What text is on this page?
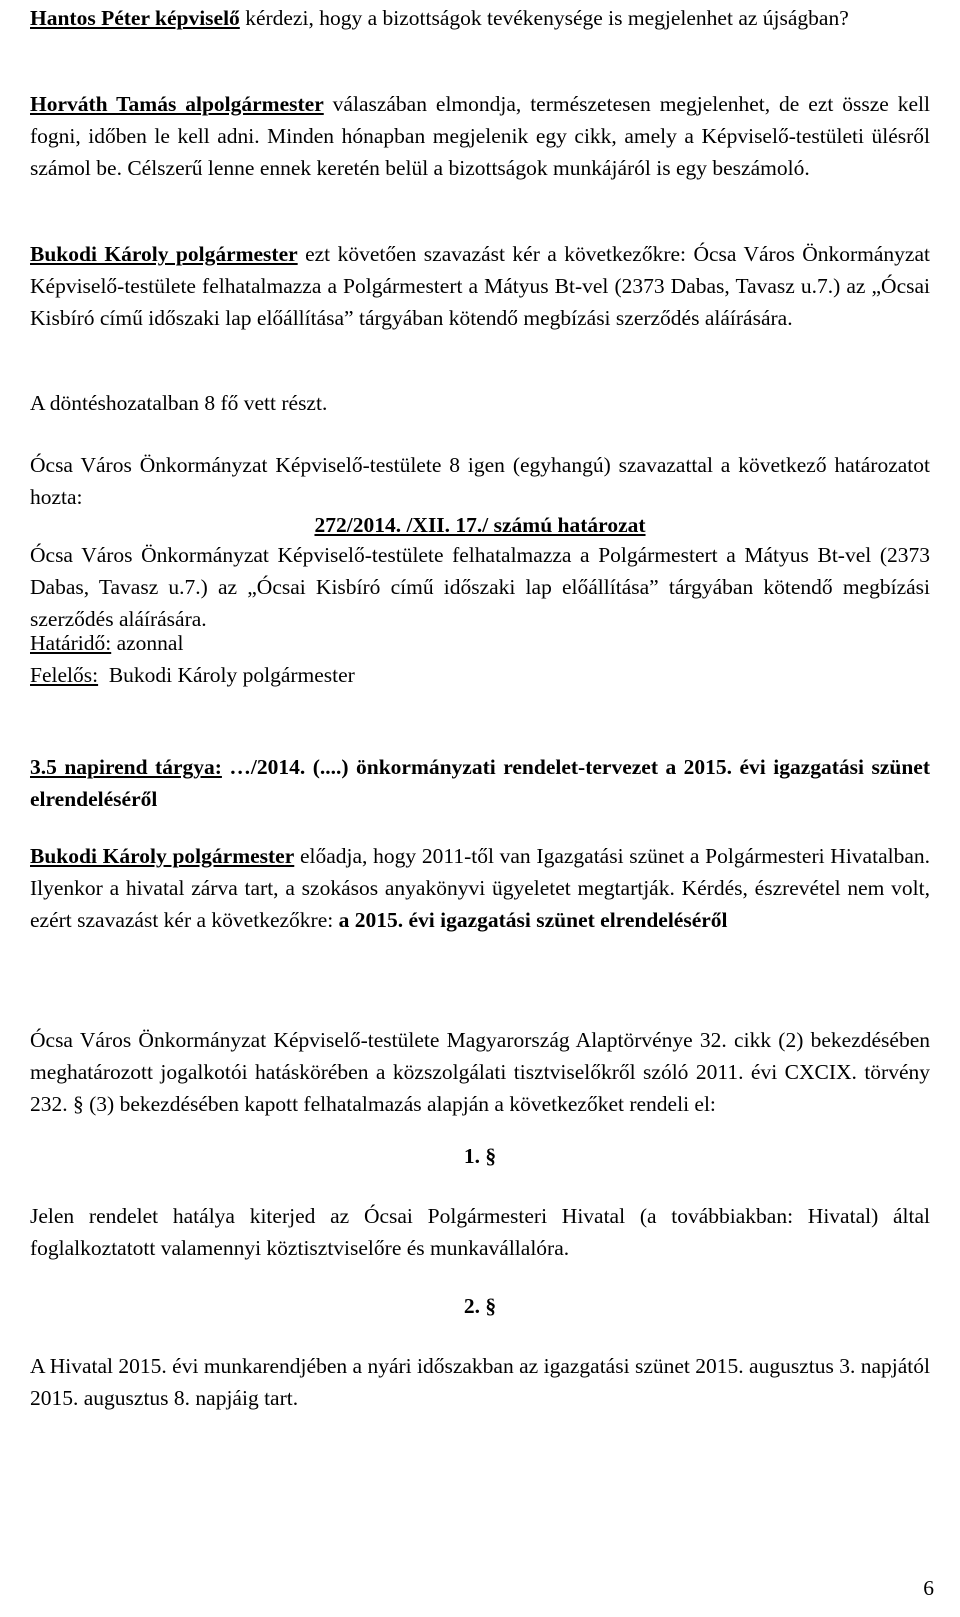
Hantos Péter képviselő kérdezi, hogy a bizottságok tevékenysége is megjelenhet az újságban?

Horváth Tamás alpolgármester válaszában elmondja, természetesen megjelenhet, de ezt össze kell fogni, időben le kell adni. Minden hónapban megjelenik egy cikk, amely a Képviselő-testületi ülésről számol be. Célszerű lenne ennek keretén belül a bizottságok munkájáról is egy beszámoló.

Bukodi Károly polgármester ezt követően szavazást kér a következőkre: Ócsa Város Önkormányzat Képviselő-testülete felhatalmazza a Polgármestert a Mátyus Bt-vel (2373 Dabas, Tavasz u.7.) az „Ócsai Kisbíró című időszaki lap előállítása” tárgyában kötendő megbízási szerződés aláírására.

A döntéshozatalban 8 fő vett részt.

Ócsa Város Önkormányzat Képviselő-testülete 8 igen (egyhangú) szavazattal a következő határozatot hozta:

272/2014. /XII. 17./ számú határozat

Ócsa Város Önkormányzat Képviselő-testülete felhatalmazza a Polgármestert a Mátyus Bt-vel (2373 Dabas, Tavasz u.7.) az „Ócsai Kisbíró című időszaki lap előállítása” tárgyában kötendő megbízási szerződés aláírására.

Határidő: azonnal

Felelős:  Bukodi Károly polgármester

3.5 napirend tárgya: …/2014. (....) önkormányzati rendelet-tervezet a 2015. évi igazgatási szünet elrendeléséről

Bukodi Károly polgármester előadja, hogy 2011-től van Igazgatási szünet a Polgármesteri Hivatalban. Ilyenkor a hivatal zárva tart, a szokásos anyakönyvi ügyeletet megtartják. Kérdés, észrevétel nem volt, ezért szavazást kér a következőkre: a 2015. évi igazgatási szünet elrendeléséről

Ócsa Város Önkormányzat Képviselő-testülete Magyarország Alaptörvénye 32. cikk (2) bekezdésében meghatározott jogalkotói hatáskörében a közszolgálati tisztviselőkről szóló 2011. évi CXCIX. törvény 232. § (3) bekezdésében kapott felhatalmazás alapján a következőket rendeli el:

1. §

Jelen rendelet hatálya kiterjed az Ócsai Polgármesteri Hivatal (a továbbiakban: Hivatal) által foglalkoztatott valamennyi köztisztviselőre és munkavállalóra.

2. §

A Hivatal 2015. évi munkarendjében a nyári időszakban az igazgatási szünet 2015. augusztus 3. napjától 2015. augusztus 8. napjáig tart.

6
